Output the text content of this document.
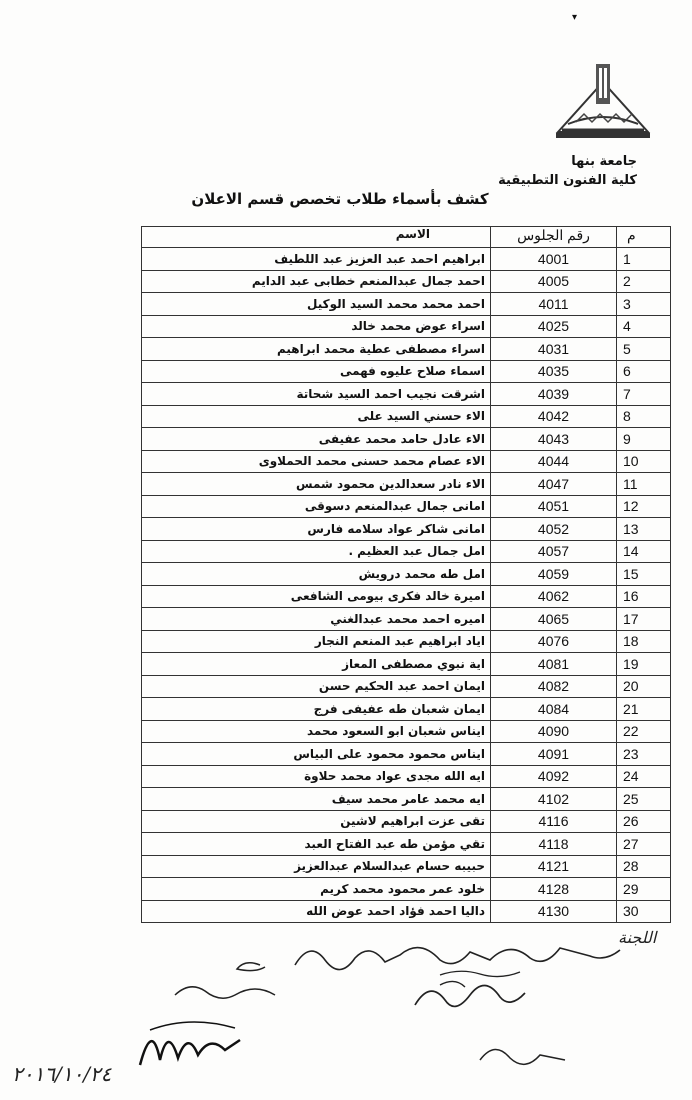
▾
جامعة بنها
كلية الفنون التطبيقية
كشف بأسماء طلاب تخصص قسم الاعلان
م	رقم الجلوس	الاسم
1	4001	ابراهيم احمد عبد العزيز عبد اللطيف
2	4005	احمد جمال عبدالمنعم خطابى عبد الدايم
3	4011	احمد محمد محمد السيد الوكيل
4	4025	اسراء عوض محمد خالد
5	4031	اسراء مصطفى عطية محمد ابراهيم
6	4035	اسماء صلاح عليوه فهمى
7	4039	اشرقت نجيب احمد السيد شحاتة
8	4042	الاء حسني السيد على
9	4043	الاء عادل حامد محمد عفيفى
10	4044	الاء عصام محمد حسنى محمد الحملاوى
11	4047	الاء نادر سعدالدين محمود شمس
12	4051	امانى جمال عبدالمنعم دسوقى
13	4052	امانى شاكر عواد سلامه فارس
14	4057	امل جمال عبد العظيم .
15	4059	امل طه محمد درويش
16	4062	اميرة خالد فكرى بيومى الشافعى
17	4065	اميره احمد محمد عبدالغني
18	4076	اياد ابراهيم عبد المنعم النجار
19	4081	اية نبوي مصطفى المعاز
20	4082	ايمان احمد عبد الحكيم حسن
21	4084	ايمان شعبان طه عفيفى فرج
22	4090	ايناس شعبان ابو السعود محمد
23	4091	ايناس محمود محمود على البياس
24	4092	ايه الله مجدى عواد محمد حلاوة
25	4102	ايه محمد عامر محمد سيف
26	4116	تقى عزت ابراهيم لاشين
27	4118	تقي مؤمن طه عبد الفتاح العبد
28	4121	حبيبه حسام عبدالسلام عبدالعزيز
29	4128	خلود عمر محمود محمد كريم
30	4130	داليا احمد فؤاد احمد عوض الله
اللجنة
٢٠١٦/١٠/٢٤
